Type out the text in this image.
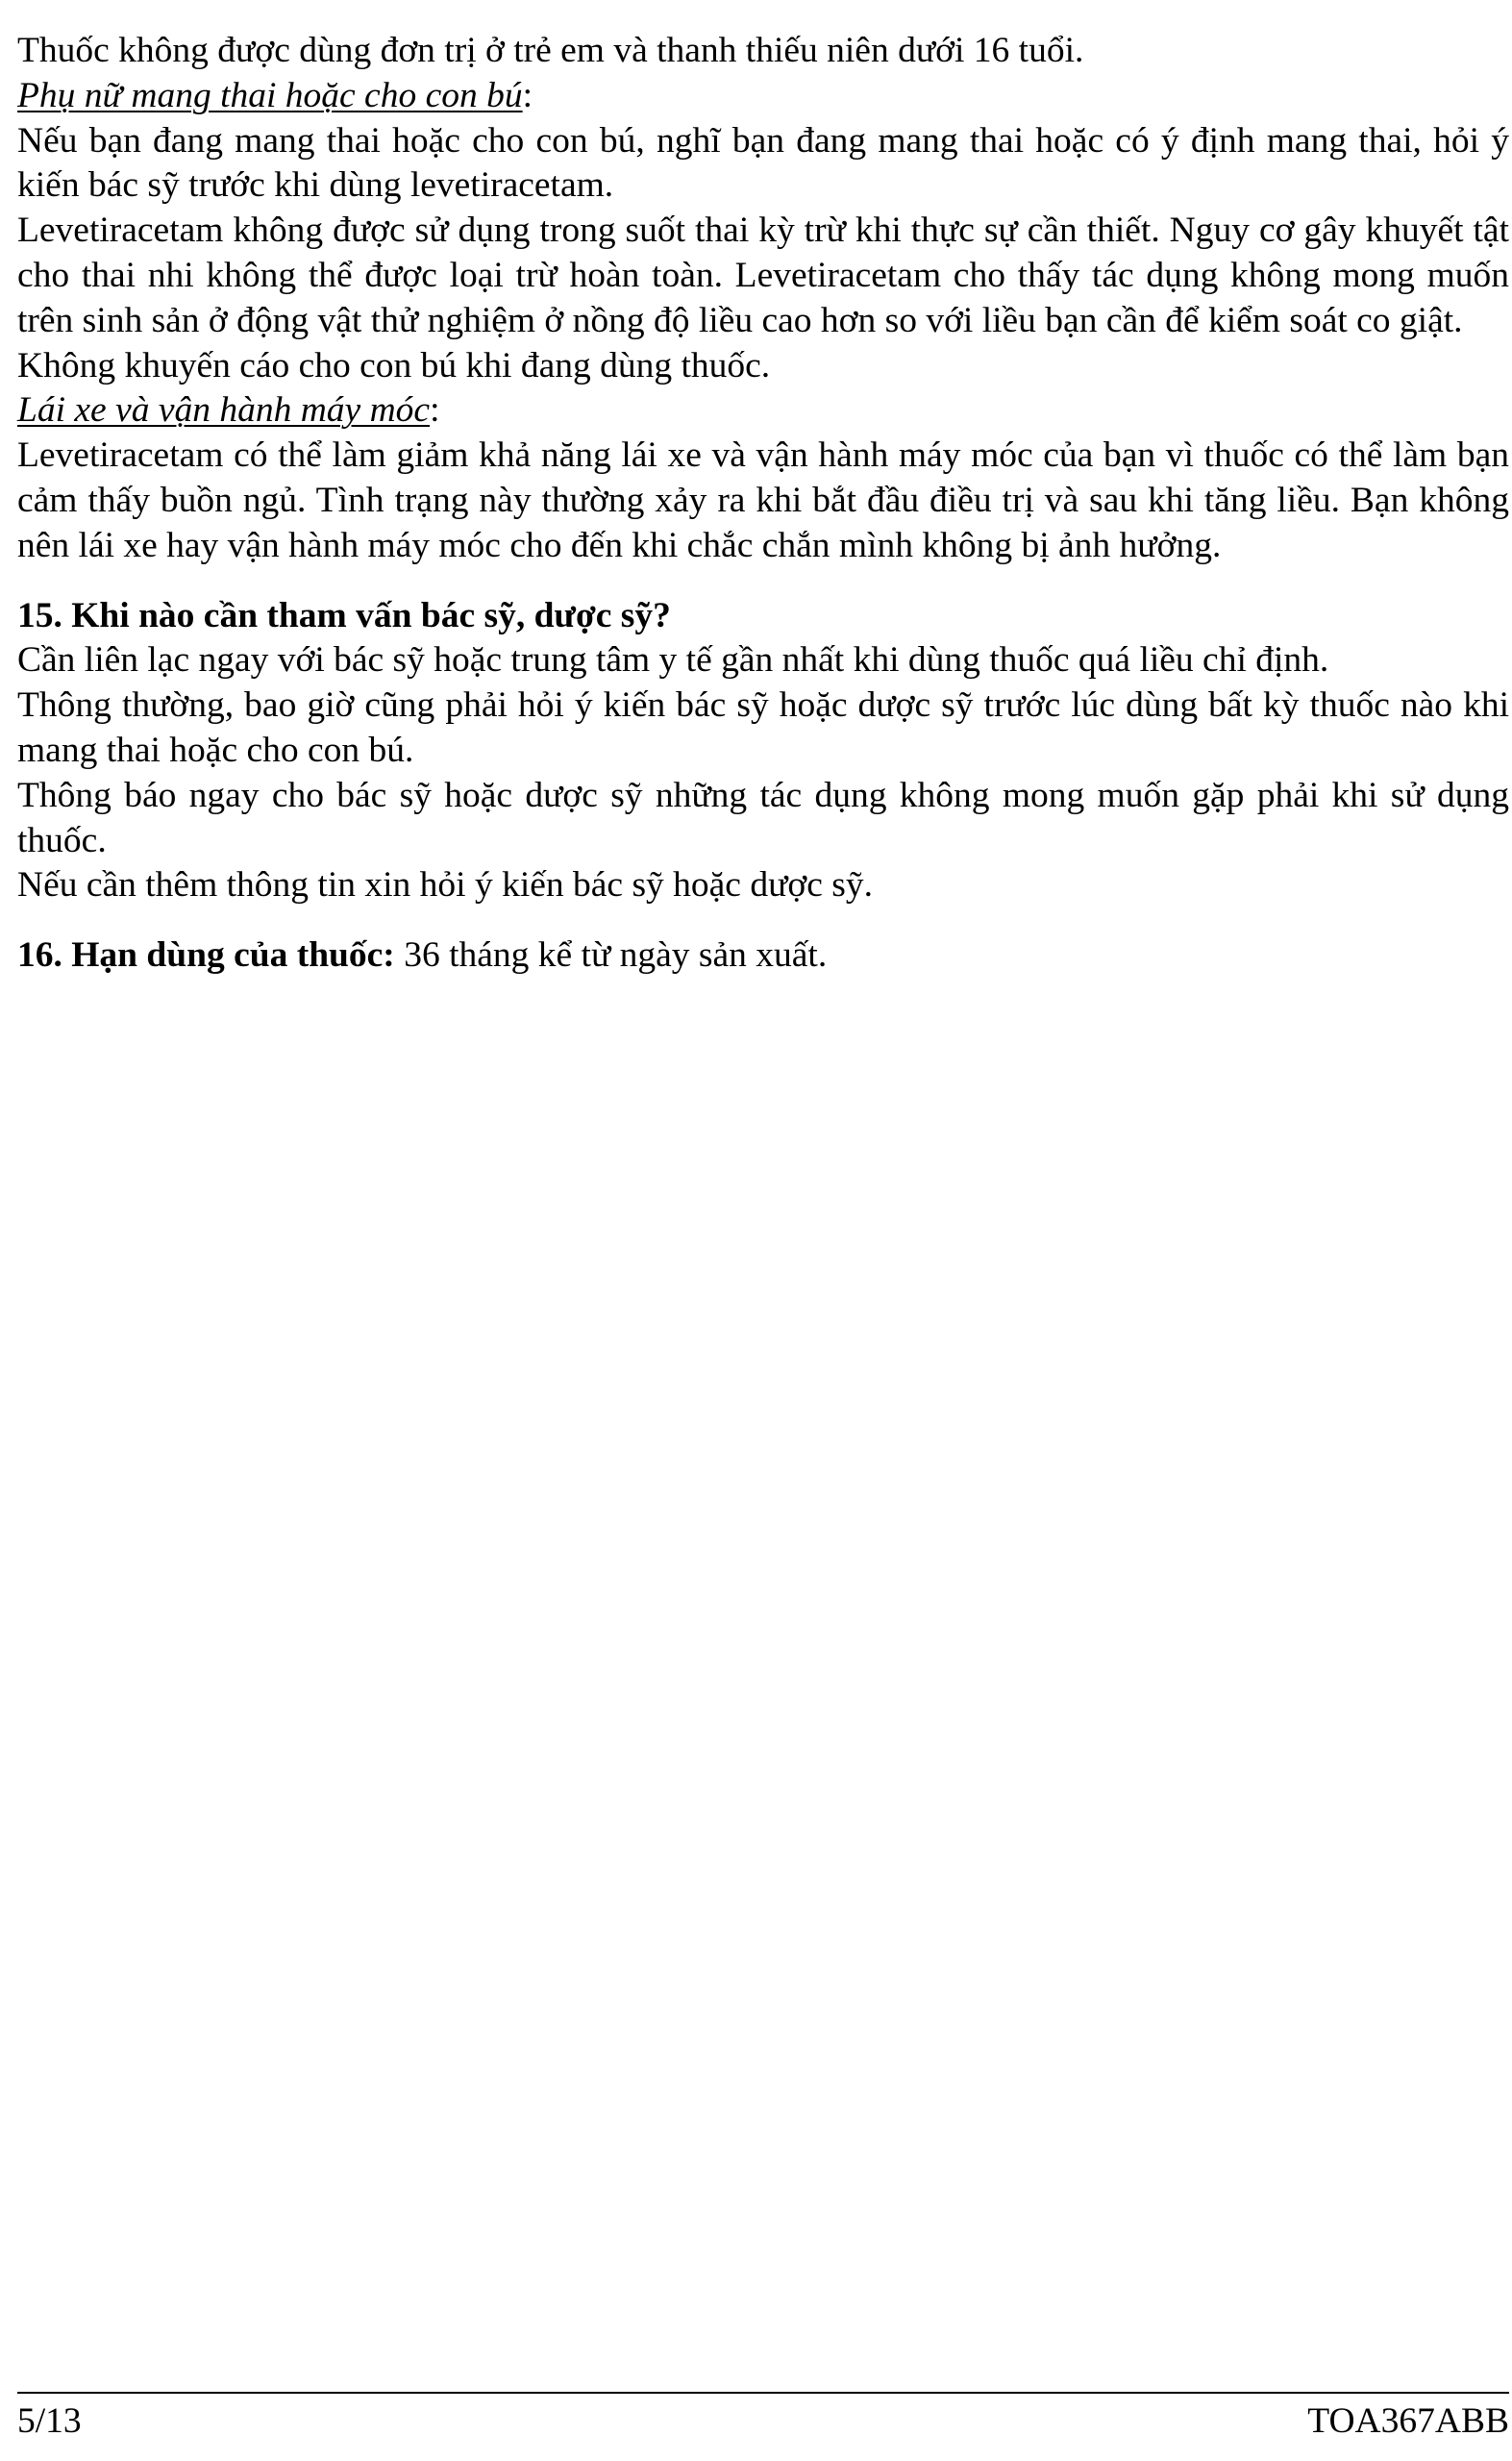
Thuốc không được dùng đơn trị ở trẻ em và thanh thiếu niên dưới 16 tuổi.

Phụ nữ mang thai hoặc cho con bú:

Nếu bạn đang mang thai hoặc cho con bú, nghĩ bạn đang mang thai hoặc có ý định mang thai, hỏi ý kiến bác sỹ trước khi dùng levetiracetam.

Levetiracetam không được sử dụng trong suốt thai kỳ trừ khi thực sự cần thiết. Nguy cơ gây khuyết tật cho thai nhi không thể được loại trừ hoàn toàn. Levetiracetam cho thấy tác dụng không mong muốn trên sinh sản ở động vật thử nghiệm ở nồng độ liều cao hơn so với liều bạn cần để kiểm soát co giật.

Không khuyến cáo cho con bú khi đang dùng thuốc.

Lái xe và vận hành máy móc:

Levetiracetam có thể làm giảm khả năng lái xe và vận hành máy móc của bạn vì thuốc có thể làm bạn cảm thấy buồn ngủ. Tình trạng này thường xảy ra khi bắt đầu điều trị và sau khi tăng liều. Bạn không nên lái xe hay vận hành máy móc cho đến khi chắc chắn mình không bị ảnh hưởng.

15. Khi nào cần tham vấn bác sỹ, dược sỹ?

Cần liên lạc ngay với bác sỹ hoặc trung tâm y tế gần nhất khi dùng thuốc quá liều chỉ định.

Thông thường, bao giờ cũng phải hỏi ý kiến bác sỹ hoặc dược sỹ trước lúc dùng bất kỳ thuốc nào khi mang thai hoặc cho con bú.

Thông báo ngay cho bác sỹ hoặc dược sỹ những tác dụng không mong muốn gặp phải khi sử dụng thuốc.

Nếu cần thêm thông tin xin hỏi ý kiến bác sỹ hoặc dược sỹ.

16. Hạn dùng của thuốc: 36 tháng kể từ ngày sản xuất.

5/13	TOA367ABB
